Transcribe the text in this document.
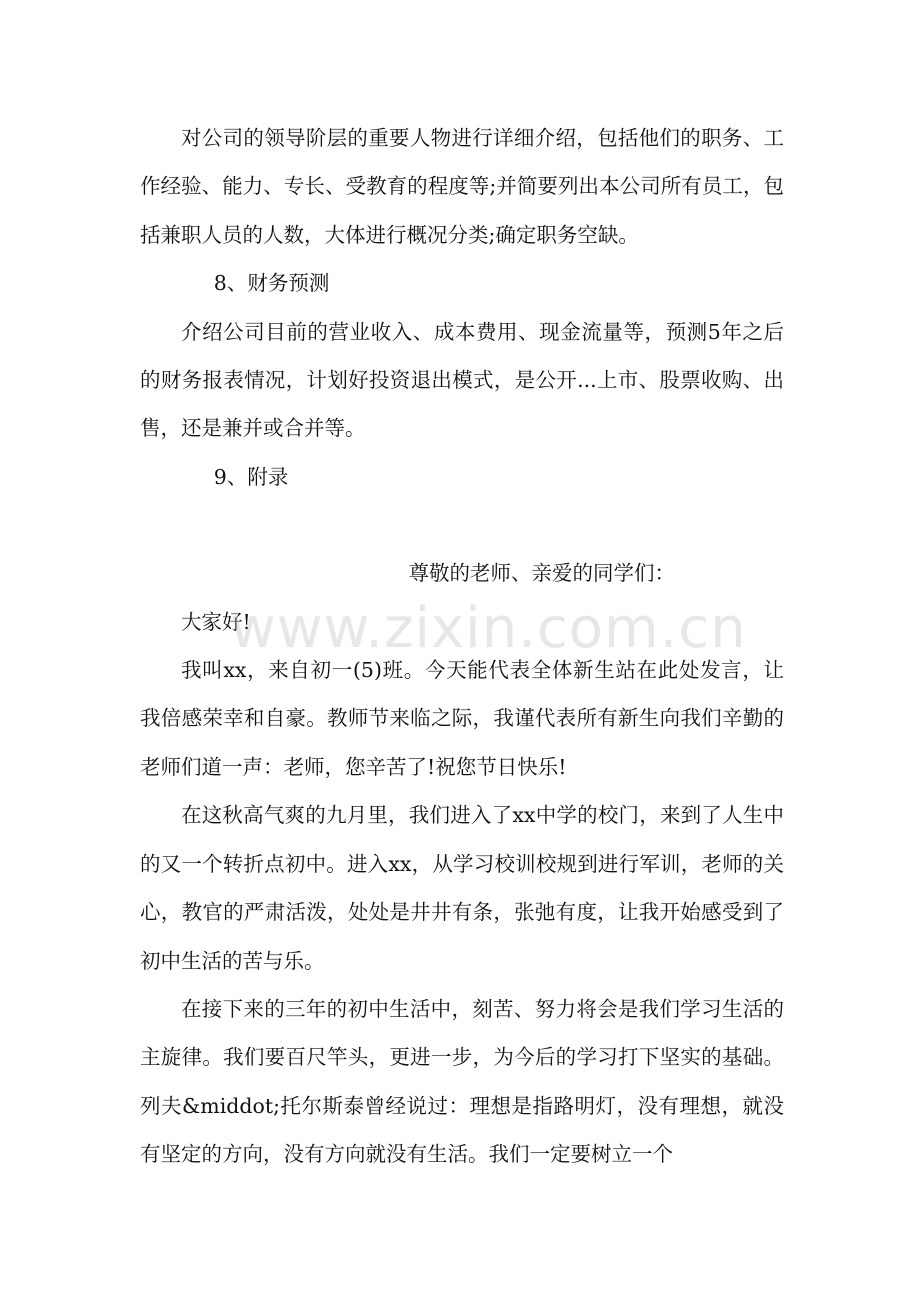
对公司的领导阶层的重要人物进行详细介绍，包括他们的职务、工作经验、能力、专长、受教育的程度等;并简要列出本公司所有员工，包括兼职人员的人数，大体进行概况分类;确定职务空缺。

8、财务预测

介绍公司目前的营业收入、成本费用、现金流量等，预测5年之后的财务报表情况，计划好投资退出模式，是公开...上市、股票收购、出售，还是兼并或合并等。

9、附录

尊敬的老师、亲爱的同学们：

大家好!

我叫xx，来自初一(5)班。今天能代表全体新生站在此处发言，让我倍感荣幸和自豪。教师节来临之际，我谨代表所有新生向我们辛勤的老师们道一声：老师，您辛苦了!祝您节日快乐!

在这秋高气爽的九月里，我们进入了xx中学的校门，来到了人生中的又一个转折点初中。进入xx，从学习校训校规到进行军训，老师的关心，教官的严肃活泼，处处是井井有条，张弛有度，让我开始感受到了初中生活的苦与乐。

在接下来的三年的初中生活中，刻苦、努力将会是我们学习生活的主旋律。我们要百尺竿头，更进一步，为今后的学习打下坚实的基础。列夫&middot;托尔斯泰曾经说过：理想是指路明灯，没有理想，就没有坚定的方向，没有方向就没有生活。我们一定要树立一个

www.zixin.com.cn
